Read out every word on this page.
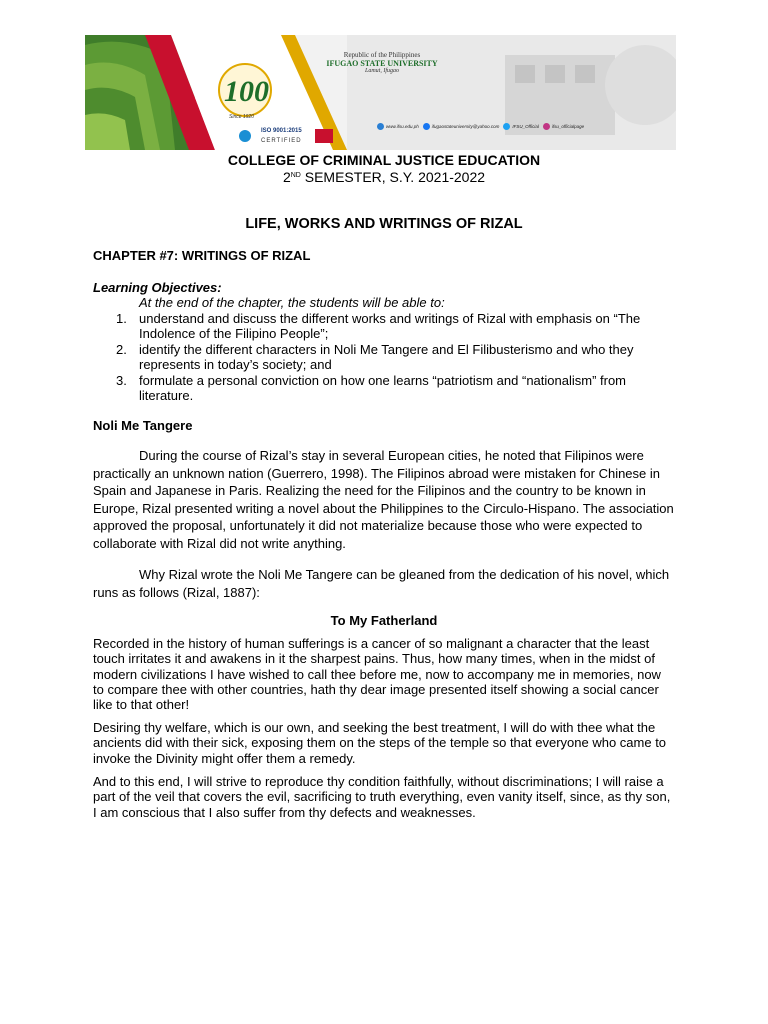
100
Republic of the Philippines
IFUGAO STATE UNIVERSITY
Lamut, Ifugao
Since 1920
ISO 9001:2015
CERTIFIED
www.ifsu.edu.ph	ifugaostateuniversity@yahoo.com	IFSU_Official	ifsu_officialpage
COLLEGE OF CRIMINAL JUSTICE EDUCATION
2ND SEMESTER, S.Y. 2021-2022
LIFE, WORKS AND WRITINGS OF RIZAL
CHAPTER #7: WRITINGS OF RIZAL
Learning Objectives:
At the end of the chapter, the students will be able to:
1. understand and discuss the different works and writings of Rizal with emphasis on “The Indolence of the Filipino People”;
2. identify the different characters in Noli Me Tangere and El Filibusterismo and who they represents in today’s society; and
3. formulate a personal conviction on how one learns “patriotism and “nationalism” from literature.
Noli Me Tangere

During the course of Rizal’s stay in several European cities, he noted that Filipinos were practically an unknown nation (Guerrero, 1998). The Filipinos abroad were mistaken for Chinese in Spain and Japanese in Paris. Realizing the need for the Filipinos and the country to be known in Europe, Rizal presented writing a novel about the Philippines to the Circulo-Hispano. The association approved the proposal, unfortunately it did not materialize because those who were expected to collaborate with Rizal did not write anything.

Why Rizal wrote the Noli Me Tangere can be gleaned from the dedication of his novel, which runs as follows (Rizal, 1887):

To My Fatherland

Recorded in the history of human sufferings is a cancer of so malignant a character that the least touch irritates it and awakens in it the sharpest pains. Thus, how many times, when in the midst of modern civilizations I have wished to call thee before me, now to accompany me in memories, now to compare thee with other countries, hath thy dear image presented itself showing a social cancer like to that other!

Desiring thy welfare, which is our own, and seeking the best treatment, I will do with thee what the ancients did with their sick, exposing them on the steps of the temple so that everyone who came to invoke the Divinity might offer them a remedy.

And to this end, I will strive to reproduce thy condition faithfully, without discriminations; I will raise a part of the veil that covers the evil, sacrificing to truth everything, even vanity itself, since, as thy son, I am conscious that I also suffer from thy defects and weaknesses.
